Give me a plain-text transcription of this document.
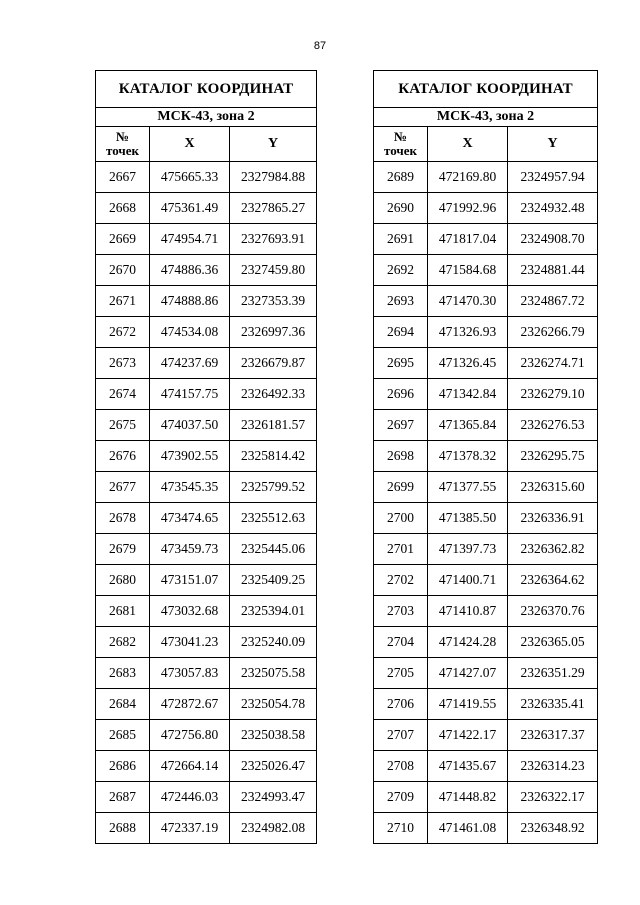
87
КАТАЛОГ КООРДИНАТ		
МСК-43, зона 2		
№
точек	X	Y
2667	475665.33	2327984.88
2668	475361.49	2327865.27
2669	474954.71	2327693.91
2670	474886.36	2327459.80
2671	474888.86	2327353.39
2672	474534.08	2326997.36
2673	474237.69	2326679.87
2674	474157.75	2326492.33
2675	474037.50	2326181.57
2676	473902.55	2325814.42
2677	473545.35	2325799.52
2678	473474.65	2325512.63
2679	473459.73	2325445.06
2680	473151.07	2325409.25
2681	473032.68	2325394.01
2682	473041.23	2325240.09
2683	473057.83	2325075.58
2684	472872.67	2325054.78
2685	472756.80	2325038.58
2686	472664.14	2325026.47
2687	472446.03	2324993.47
2688	472337.19	2324982.08
КАТАЛОГ КООРДИНАТ		
МСК-43, зона 2		
№
точек	X	Y
2689	472169.80	2324957.94
2690	471992.96	2324932.48
2691	471817.04	2324908.70
2692	471584.68	2324881.44
2693	471470.30	2324867.72
2694	471326.93	2326266.79
2695	471326.45	2326274.71
2696	471342.84	2326279.10
2697	471365.84	2326276.53
2698	471378.32	2326295.75
2699	471377.55	2326315.60
2700	471385.50	2326336.91
2701	471397.73	2326362.82
2702	471400.71	2326364.62
2703	471410.87	2326370.76
2704	471424.28	2326365.05
2705	471427.07	2326351.29
2706	471419.55	2326335.41
2707	471422.17	2326317.37
2708	471435.67	2326314.23
2709	471448.82	2326322.17
2710	471461.08	2326348.92
